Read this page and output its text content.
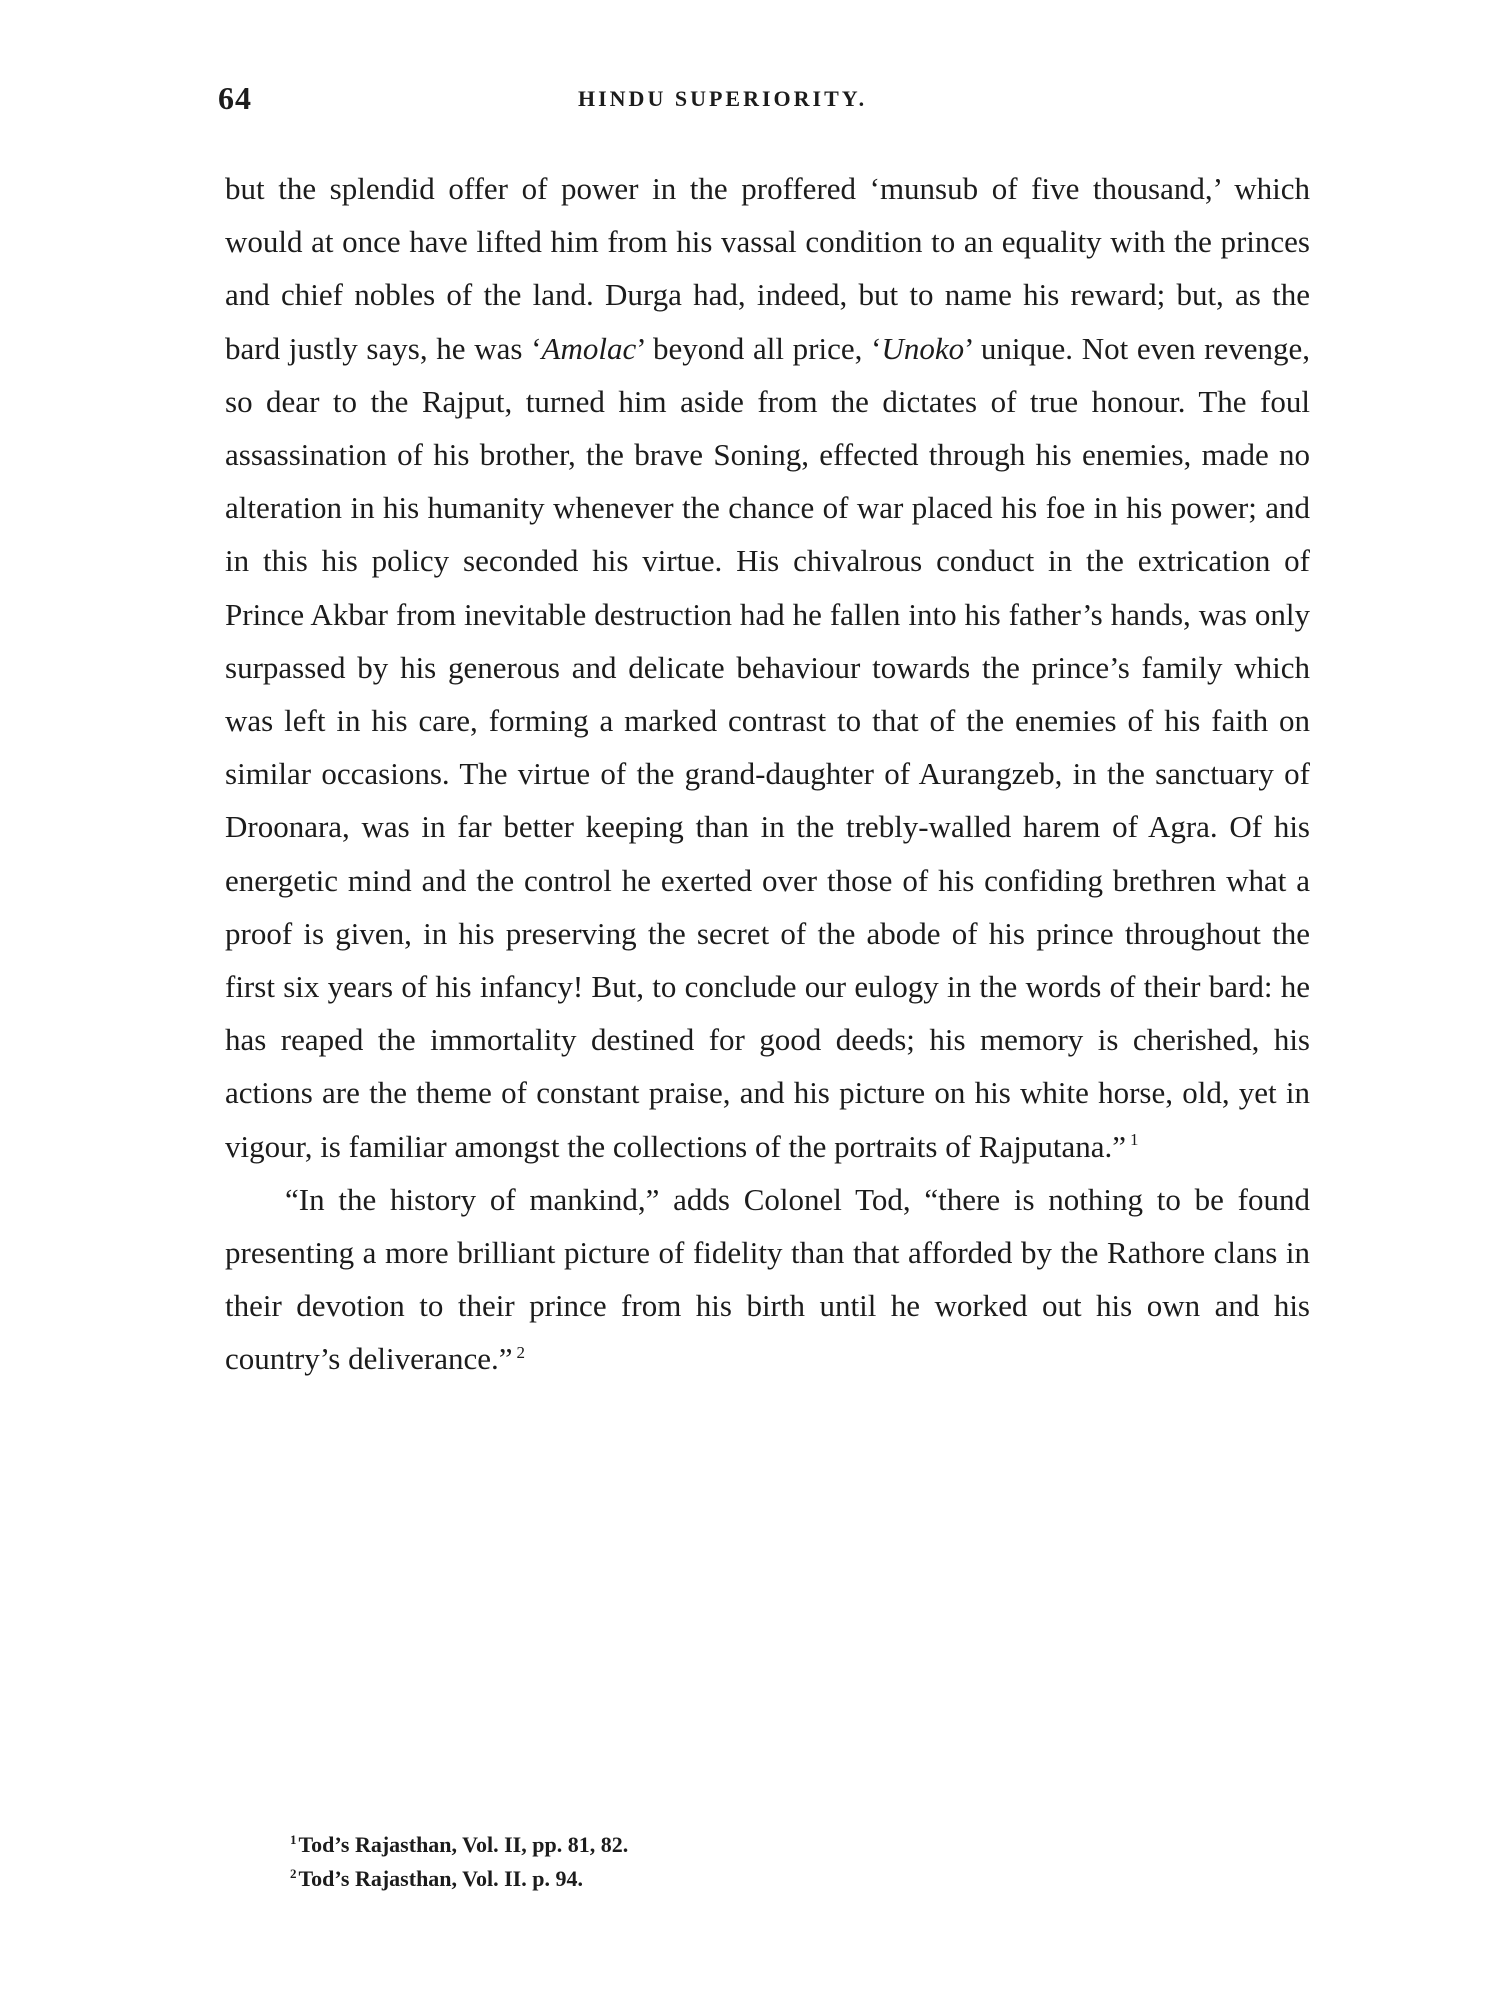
64	HINDU SUPERIORITY.

but the splendid offer of power in the proffered ‘munsub of five thousand,’ which would at once have lifted him from his vassal condition to an equality with the princes and chief nobles of the land. Durga had, indeed, but to name his reward; but, as the bard justly says, he was ‘Amolac’ beyond all price, ‘Unoko’ unique. Not even revenge, so dear to the Rajput, turned him aside from the dictates of true honour. The foul assassination of his brother, the brave Soning, effected through his enemies, made no alteration in his humanity whenever the chance of war placed his foe in his power; and in this his policy seconded his virtue. His chivalrous conduct in the extrication of Prince Akbar from inevitable destruction had he fallen into his father’s hands, was only surpassed by his generous and delicate behaviour towards the prince’s family which was left in his care, forming a marked contrast to that of the enemies of his faith on similar occasions. The virtue of the grand-daughter of Aurangzeb, in the sanctuary of Droonara, was in far better keeping than in the trebly-walled harem of Agra. Of his energetic mind and the control he exerted over those of his confiding brethren what a proof is given, in his preserving the secret of the abode of his prince throughout the first six years of his infancy! But, to conclude our eulogy in the words of their bard: he has reaped the immortality destined for good deeds; his memory is cherished, his actions are the theme of constant praise, and his picture on his white horse, old, yet in vigour, is familiar amongst the collections of the portraits of Rajputana.” $^1$

“In the history of mankind,” adds Colonel Tod, “there is nothing to be found presenting a more brilliant picture of fidelity than that afforded by the Rathore clans in their devotion to their prince from his birth until he worked out his own and his country’s deliverance.” $^2$

$^1$Tod’s Rajasthan, Vol. II, pp. 81, 82.
$^2$Tod’s Rajasthan, Vol. II. p. 94.
